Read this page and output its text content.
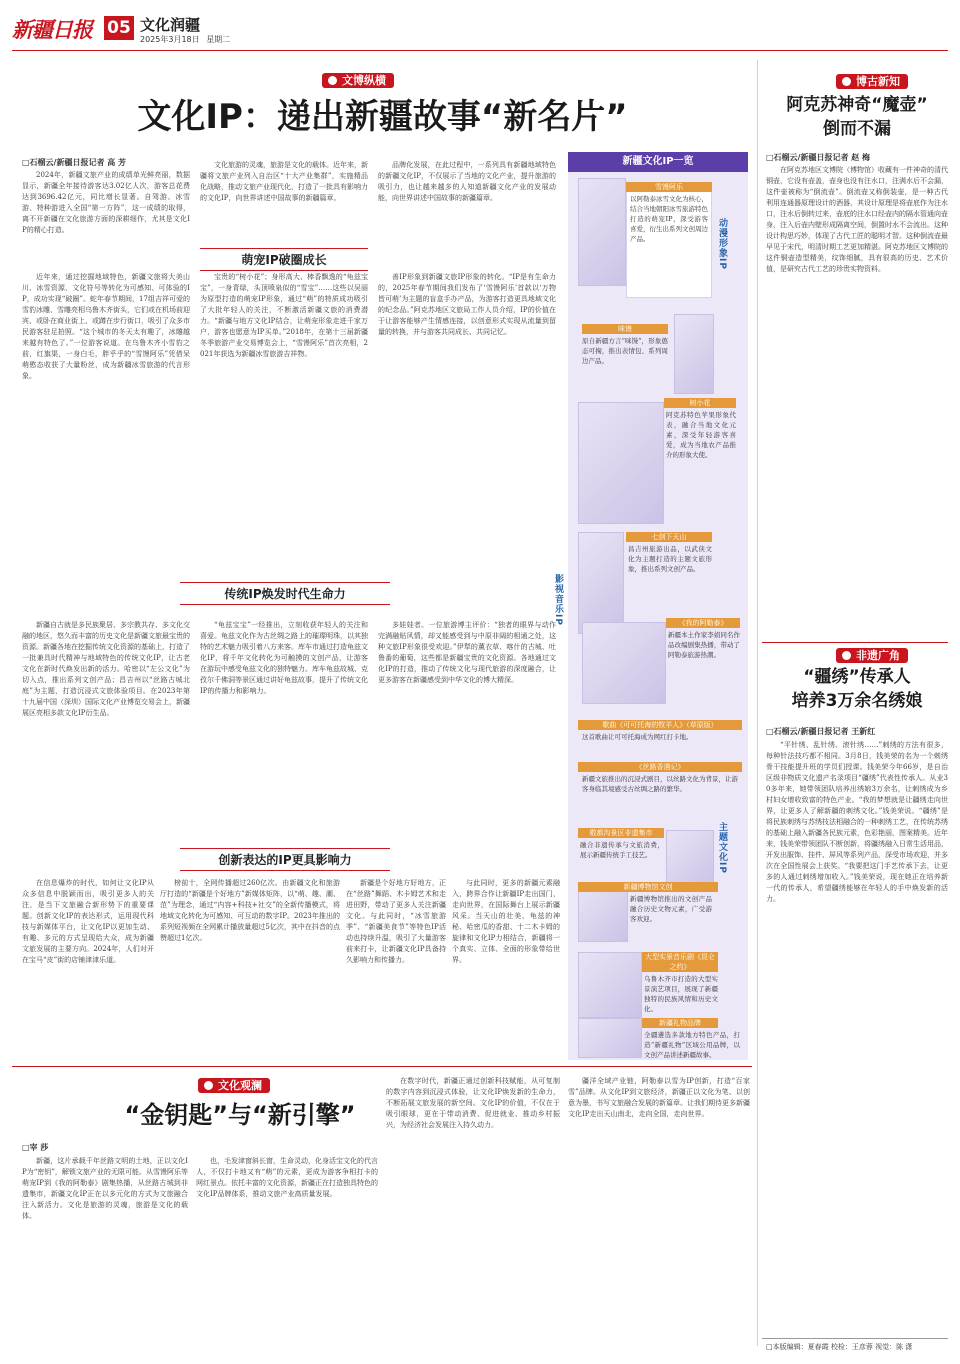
新疆日报 05 文化润疆
2025年3月18日 星期二
文博纵横
文化IP：递出新疆故事“新名片”
□石榴云/新疆日报记者 高 芳

2024年，新疆文旅产业的成绩单光鲜亮丽，数据显示，新疆全年接待游客达3.02亿人次，游客总花费达到3696.42亿元，同比增长显著。自驾游、冰雪游、特种游进入全国“第一方阵”，这一成绩的取得，离不开新疆在文化旅游方面的深耕细作，尤其是文化IP的精心打造。

文化旅游的灵魂，旅游是文化的载体。近年来，新疆将文旅产业列入自治区“十大产业集群”，实施精品化战略，推动文旅产业现代化，打造了一批具有影响力的文化IP，向世界讲述中国故事的新疆篇章。

品牌化发展，在此过程中，一系列具有新疆地域特色的新疆文化IP，不仅展示了当地的文化产业，提升旅游的吸引力，也让越来越多的人知道新疆文化产业的发展动能，向世界讲述中国故事的新疆篇章。

萌宠IP破圈成长

近年来，通过挖掘地域特色，新疆文旅将大美山川、冰雪资源、文化符号等转化为可感知、可体验的IP，成功实现“破圈”。蛇年春节期间，17组吉祥可爱的雪豹冰雕、雪雕亮相乌鲁木齐街头，它们或在机场前迎宾、或卧在商业街上、或蹲在步行街口，吸引了众多市民游客驻足拍照。“这个城市的冬天太有趣了，冰雕越来越有特色了。”一位游客说道。在乌鲁木齐小雪豹之前，红旗渠，一身白毛，胖乎乎的“雪馒阿乐”凭借呆萌憨态收获了大量粉丝，成为新疆冰雪旅游的代言形象。

宝贵的“树小花”；身形高大、棒香飘逸的“龟兹宝宝”，一身青绿，头顶喷泉似的“雪宝”……这些以吴丽为原型打造的萌宠IP形象，通过“萌”的特质成功吸引了大批年轻人的关注，不断激活新疆文旅的消费潜力。“新疆与地方文化IP结合，让萌宠形象走进千家万户，游客也愿意为IP买单。”2018年，在第十三届新疆冬季旅游产业交易博览会上，“雪馒阿乐”首次亮相，2021年获选为新疆冰雪旅游吉祥物。

善IP形象到新疆文旅IP形象的转化。“IP是有生命力的，2025年春节期间我们发布了‘雪馒阿乐’首款以‘万物皆可萌’为主题的盲盒手办产品，为游客打造更具地域文化的纪念品。”阿克苏地区文旅局工作人员介绍，IP的价值在于让游客能够产生情感连接，以创意形式实现从流量到留量的转换，并与游客共同成长、共同记忆。

传统IP焕发时代生命力

新疆自古就是多民族聚居、多宗教共存、多文化交融的地区，悠久而丰富的历史文化是新疆文旅最宝贵的资源。新疆各地在挖掘传统文化资源的基础上，打造了一批兼具时代精神与地域特色的传统文化IP，让古老文化在新时代焕发出新的活力。哈密以“左公文化”为切入点，推出系列文创产品；昌吉州以“丝路古城北庭”为主题，打造沉浸式文旅体验项目。在2023年第十九届中国（深圳）国际文化产业博览交易会上，新疆展区亮相多款文化IP衍生品。

“龟兹宝宝”一经推出，立刻收获年轻人的关注和喜爱。龟兹文化作为古丝绸之路上的璀璨明珠，以其独特的艺术魅力吸引着八方来客。库车市通过打造龟兹文化IP，将千年文化转化为可触摸的文创产品，让游客在游玩中感受龟兹文化的独特魅力。库车龟兹故城、克孜尔千佛洞等景区通过讲好龟兹故事，提升了传统文化IP的传播力和影响力。

多娃娃者。一位旅游博主评价：“独者的眼界与动作完满融贴风情，却又能感受到与中原非阔的相通之处，这种文旅IP形象很受欢迎。”伊犁的薰衣草、喀什的古城、吐鲁番的葡萄，这些都是新疆宝贵的文化资源。各地通过文化IP的打造，推动了传统文化与现代旅游的深度融合，让更多游客在新疆感受到中华文化的博大精深。

创新表达的IP更具影响力

在信息爆炸的时代，如何让文化IP从众多信息中脱颖而出，吸引更多人的关注，是当下文旅融合新形势下的重要课题。创新文化IP的表达形式，运用现代科技与新媒体平台，让文化IP以更加生动、有趣、多元的方式呈现给大众，成为新疆文旅发展的主要方向。2024年，人们对开在宝马“皮”街的店铺津津乐道。

榜前十，全网传播超过260亿次。由新疆文化和旅游厅打造的“新疆是个好地方”新媒体矩阵，以“萌、趣、潮、范”为理念，通过“内容+科技+社交”的全新传播模式，将地域文化转化为可感知、可互动的数字IP。2023年推出的系列短视频在全网累计播放量超过5亿次，其中在抖音的点赞超过1亿次。

新疆是个好地方好地方，正在“丝路”舞蹈、木卡姆艺术和走进田野，带动了更多人关注新疆文化。与此同时，“冰雪旅游季”、“新疆美食节”等特色IP活动也持续升温，吸引了大量游客前来打卡，让新疆文化IP具备持久影响力和传播力。

与此同时，更多的新疆元素融入，跨界合作让新疆IP走出国门，走向世界，在国际舞台上展示新疆风采。当天山的壮美、龟兹的神秘、哈密瓜的香甜、十二木卡姆的旋律和文化IP力相结合，新疆将一个真实、立体、全面的形象带给世界。

新疆文化IP一览
动漫形象IP
影视音乐IP
主题文化IP
雪馒阿乐
以阿勒泰冰雪文化为核心，结合当地朝阳冰雪旅游特色打造的萌宠IP，深受游客喜爱，衍生出系列文创周边产品。
咪馒
原自新疆方言“咪馒”，形象憨态可掬，推出表情包、系列周边产品。
树小花
阿克苏特色苹果形象代表，融合当地文化元素，深受年轻游客喜爱，成为当地农产品推介的形象大使。
七剑下天山
昌吉州旅游出品，以武侠文化为主题打造的主题文旅形象，推出系列文创产品。
《我的阿勒泰》
新疆本土作家李娟同名作品改编剧集热播，带动了阿勒泰旅游热潮。
歌曲《可可托海的牧羊人》（草原版）
这首歌曲让可可托海成为网红打卡地。
《丝路香遇记》
新疆文旅推出的沉浸式剧目，以丝路文化为背景，让游客身临其境感受古丝绸之路的繁华。
敬都沟景区非遗集市
融合非遗传承与文旅消费，展示新疆传统手工技艺。
新疆博物馆文创
新疆博物馆推出的文创产品融合历史文物元素，广受游客欢迎。
大型实景音乐剧《昆仑之约》
乌鲁木齐市打造的大型实景演艺项目，展现了新疆独特的民族风情和历史文化。
新疆礼物品牌
全疆遴选多款地方特色产品，打造“新疆礼物”区域公用品牌，以文创产品讲述新疆故事。
博古新知
阿克苏神奇“魔壶”
倒而不漏
□石榴云/新疆日报记者 赵 梅

在阿克苏地区文博院（博物馆）收藏有一件神奇的清代铜壶，它没有壶盖，壶身也没有注水口，注满水后不会漏，这件壶被称为“倒流壶”。倒流壶又称倒装壶，是一种古代利用连通器原理设计的酒器，其设计原理是将壶底作为注水口，注水后倒转过来，壶底的注水口经壶内的隔水管通向壶身，注入后壶内壁形成隔离空间，倒置时水不会流出。这种设计构思巧妙，体现了古代工匠的聪明才智。这种倒流壶最早见于宋代，明清时期工艺更加精湛。阿克苏地区文博院的这件铜壶造型精美，纹饰细腻，具有很高的历史、艺术价值，是研究古代工艺的珍贵实物资料。

非遗广角
“疆绣”传承人
培养3万余名绣娘
□石榴云/新疆日报记者 王新红

“平针绣、乱针绣、滚针绣……”刺绣的方法有很多，每种针法技巧都不相同。3月8日，钱美荣的名为一个刺绣骨干技能提升班的学员们授课。钱美荣今年66岁，是自治区级非物质文化遗产名录项目“疆绣”代表性传承人。从业30多年来，她带领团队培养出绣娘3万余名，让刺绣成为乡村妇女增收致富的特色产业。“我的梦想就是让疆绣走向世界，让更多人了解新疆的刺绣文化。”钱美荣说。“疆绣”是将民族刺绣与苏绣技法相融合的一种刺绣工艺，在传统苏绣的基础上融入新疆各民族元素，色彩艳丽，图案精美。近年来，钱美荣带领团队不断创新，将疆绣融入日常生活用品，开发出服饰、挂件、屏风等系列产品，深受市场欢迎，并多次在全国性展会上获奖。“我要把这门手艺传承下去，让更多的人通过刺绣增加收入。”钱美荣说，现在她正在培养新一代的传承人，希望疆绣能够在年轻人的手中焕发新的活力。

文化观澜
“金钥匙”与“新引擎”
□宰 莎

新疆，这片承载千年丝路文明的土地，正以文化IP为“密钥”，解锁文旅产业的无限可能。从雪馒阿乐等萌宠IP到《我的阿勒泰》剧集热播，从丝路古城到非遗集市，新疆文化IP正在以多元化的方式为文旅融合注入新活力。文化是旅游的灵魂，旅游是文化的载体。

也，毛发津窗斜长窗，生命灵动，化身活宝文化的代言人，不仅打卡地又有“萌”的元素，更成为游客争相打卡的网红景点。依托丰富的文化资源，新疆正在打造独具特色的文化IP品牌体系，推动文旅产业高质量发展。

在数字时代，新疆正通过创新科技赋能，从可复制的数字内容到沉浸式体验，让文化IP焕发新的生命力，不断拓展文旅发展的新空间。文化IP的价值，不仅在于吸引眼球，更在于带动消费、促进就业、推动乡村振兴，为经济社会发展注入持久动力。

疆洋全域产业链，阿勒泰以雪为IP创新，打造“百家雪”品牌。从文化IP到文旅经济，新疆正以文化为笔、以创意为墨，书写文旅融合发展的新篇章。让我们期待更多新疆文化IP走出天山南北，走向全国，走向世界。

□本版编辑：夏春霞 校检：王彦蓉 视觉：陈 潇
